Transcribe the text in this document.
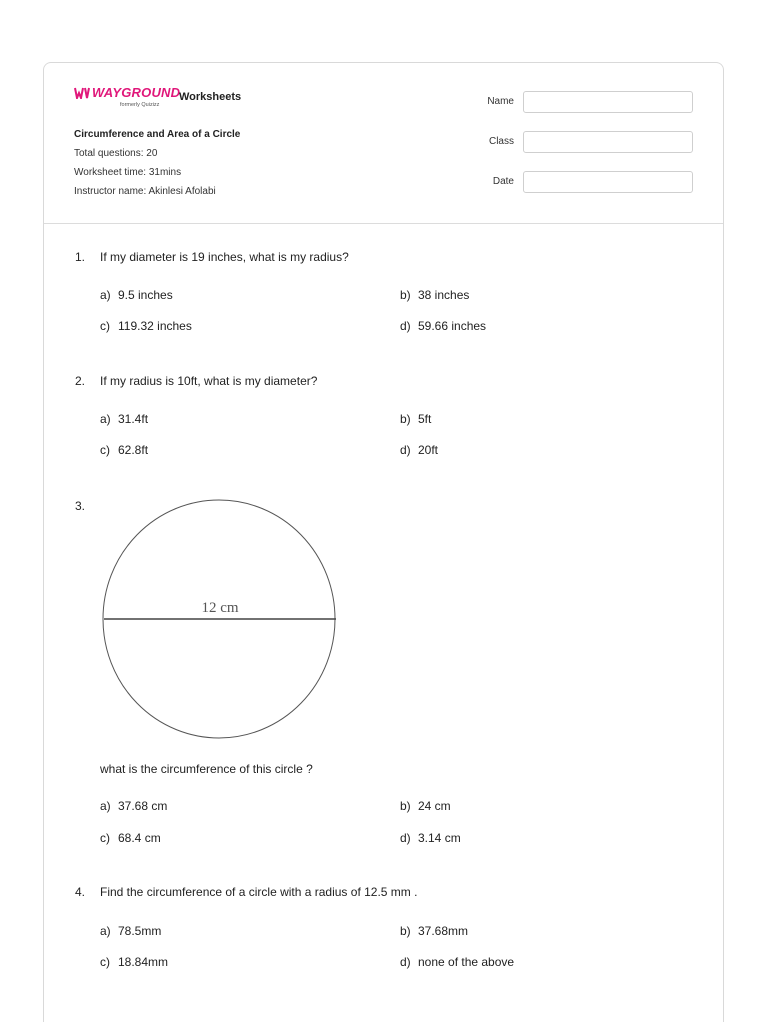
WAYGROUND
formerly Quizizz
Worksheets
Circumference and Area of a Circle
Total questions: 20
Worksheet time: 31mins
Instructor name: Akinlesi Afolabi
Name
Class
Date
1. If my diameter is 19 inches, what is my radius?
a) 9.5 inches	b) 38 inches
c) 119.32 inches	d) 59.66 inches
2. If my radius is 10ft, what is my diameter?
a) 31.4ft	b) 5ft
c) 62.8ft	d) 20ft
3.
12 cm
what is the circumference of this circle ?
a) 37.68 cm	b) 24 cm
c) 68.4 cm	d) 3.14 cm
4. Find the circumference of a circle with a radius of 12.5 mm .
a) 78.5mm	b) 37.68mm
c) 18.84mm	d) none of the above
